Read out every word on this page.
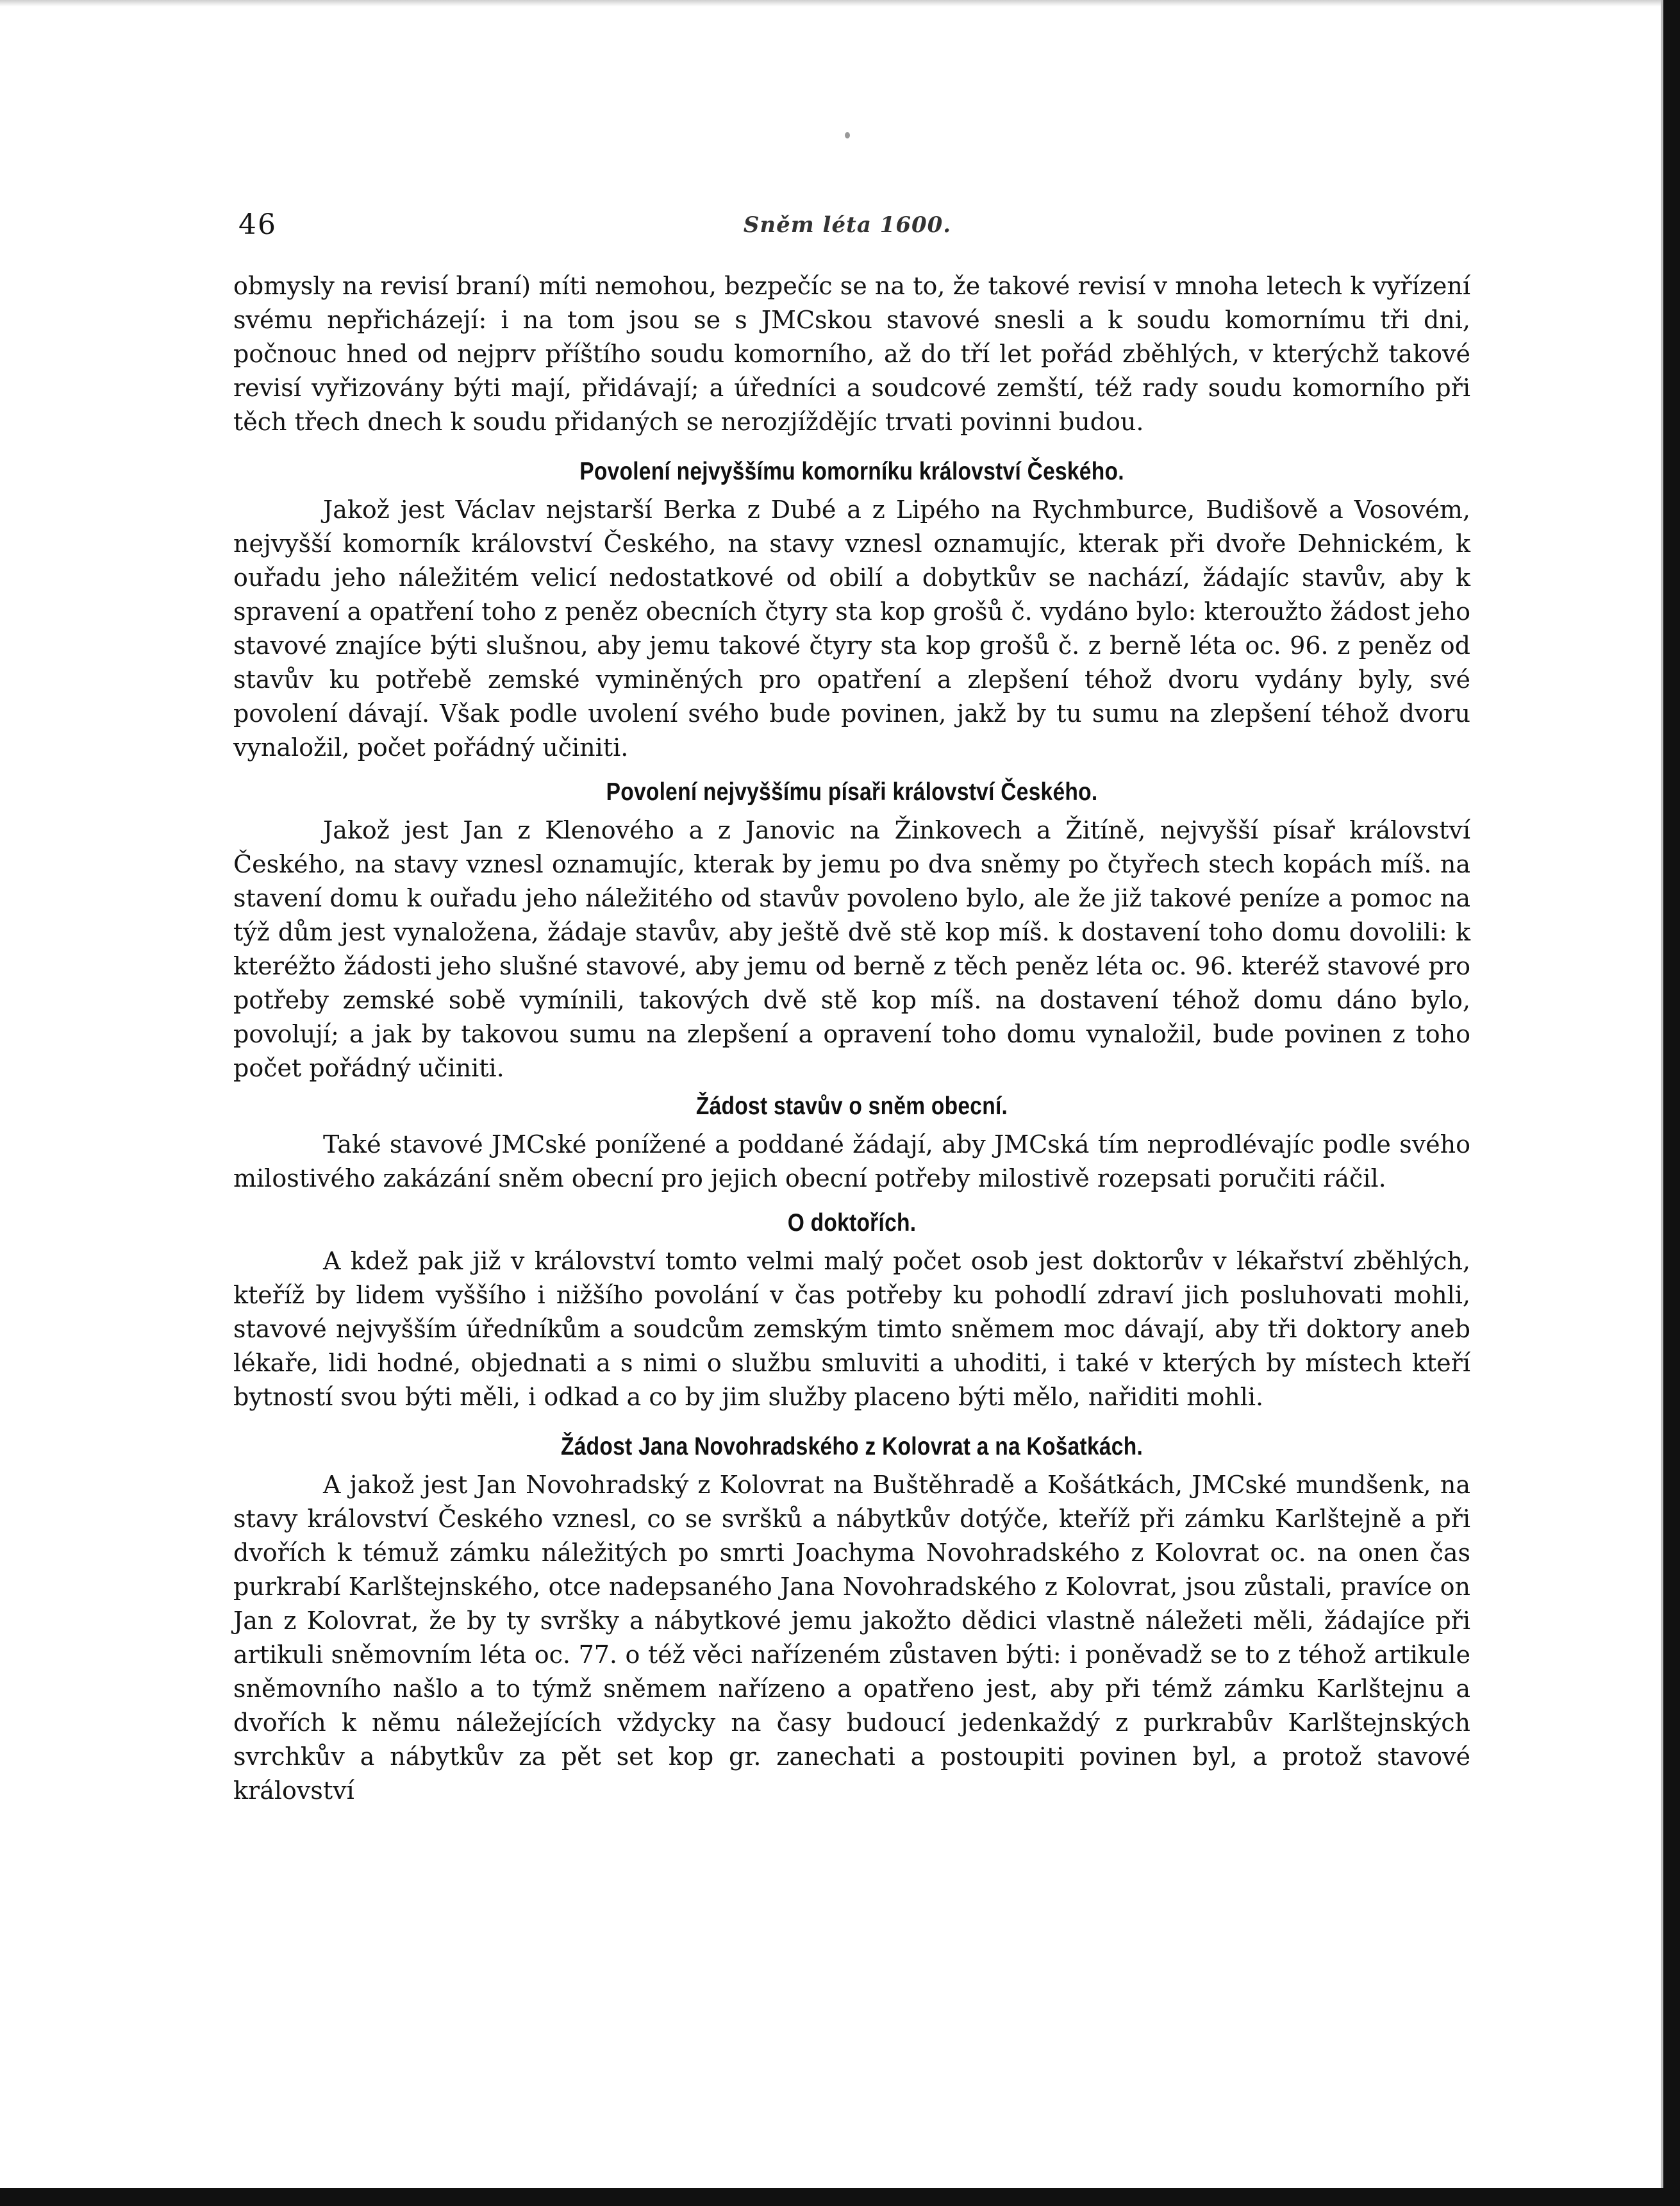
46	Sněm léta 1600.

obmysly na revisí braní) míti nemohou, bezpečíc se na to, že takové revisí v mnoha letech k vyřízení svému nepřicházejí: i na tom jsou se s JMCskou stavové snesli a k soudu komornímu tři dni, počnouc hned od nejprv příštího soudu komorního, až do tří let pořád zběhlých, v kterýchž takové revisí vyřizovány býti mají, přidávají; a úředníci a soudcové zemští, též rady soudu komorního při těch třech dnech k soudu přidaných se nerozjíždějíc trvati povinni budou.

Povolení nejvyššímu komorníku království Českého.

Jakož jest Václav nejstarší Berka z Dubé a z Lipého na Rychmburce, Budišově a Vosovém, nejvyšší komorník království Českého, na stavy vznesl oznamujíc, kterak při dvoře Dehnickém, k ouřadu jeho náležitém velicí nedostatkové od obilí a dobytkův se nachází, žádajíc stavův, aby k spravení a opatření toho z peněz obecních čtyry sta kop grošů č. vydáno bylo: kteroužto žádost jeho stavové znajíce býti slušnou, aby jemu takové čtyry sta kop grošů č. z berně léta oc. 96. z peněz od stavův ku potřebě zemské vyminěných pro opatření a zlepšení téhož dvoru vydány byly, své povolení dávají. Však podle uvolení svého bude povinen, jakž by tu sumu na zlepšení téhož dvoru vynaložil, počet pořádný učiniti.

Povolení nejvyššímu písaři království Českého.

Jakož jest Jan z Klenového a z Janovic na Žinkovech a Žitíně, nejvyšší písař království Českého, na stavy vznesl oznamujíc, kterak by jemu po dva sněmy po čtyřech stech kopách míš. na stavení domu k ouřadu jeho náležitého od stavův povoleno bylo, ale že již takové peníze a pomoc na týž dům jest vynaložena, žádaje stavův, aby ještě dvě stě kop míš. k dostavení toho domu dovolili: k kteréžto žádosti jeho slušné stavové, aby jemu od berně z těch peněz léta oc. 96. kteréž stavové pro potřeby zemské sobě vymínili, takových dvě stě kop míš. na dostavení téhož domu dáno bylo, povolují; a jak by takovou sumu na zlepšení a opravení toho domu vynaložil, bude povinen z toho počet pořádný učiniti.

Žádost stavův o sněm obecní.

Také stavové JMCské ponížené a poddané žádají, aby JMCská tím neprodlévajíc podle svého milostivého zakázání sněm obecní pro jejich obecní potřeby milostivě rozepsati poručiti ráčil.

O doktořích.

A kdež pak již v království tomto velmi malý počet osob jest doktorův v lékařství zběhlých, kteříž by lidem vyššího i nižšího povolání v čas potřeby ku pohodlí zdraví jich posluhovati mohli, stavové nejvyšším úředníkům a soudcům zemským timto sněmem moc dávají, aby tři doktory aneb lékaře, lidi hodné, objednati a s nimi o službu smluviti a uhoditi, i také v kterých by místech kteří bytností svou býti měli, i odkad a co by jim služby placeno býti mělo, nařiditi mohli.

Žádost Jana Novohradského z Kolovrat a na Košatkách.

A jakož jest Jan Novohradský z Kolovrat na Buštěhradě a Košátkách, JMCské mundšenk, na stavy království Českého vznesl, co se svršků a nábytkův dotýče, kteříž při zámku Karlštejně a při dvořích k témuž zámku náležitých po smrti Joachyma Novohradského z Kolovrat oc. na onen čas purkrabí Karlštejnského, otce nadepsaného Jana Novohradského z Kolovrat, jsou zůstali, pravíce on Jan z Kolovrat, že by ty svršky a nábytkové jemu jakožto dědici vlastně náležeti měli, žádajíce při artikuli sněmovním léta oc. 77. o též věci nařízeném zůstaven býti: i poněvadž se to z téhož artikule sněmovního našlo a to týmž sněmem nařízeno a opatřeno jest, aby při témž zámku Karlštejnu a dvořích k němu náležejících vždycky na časy budoucí jedenkaždý z purkrabův Karlštejnských svrchkův a nábytkův za pět set kop gr. zanechati a postoupiti povinen byl, a protož stavové království
